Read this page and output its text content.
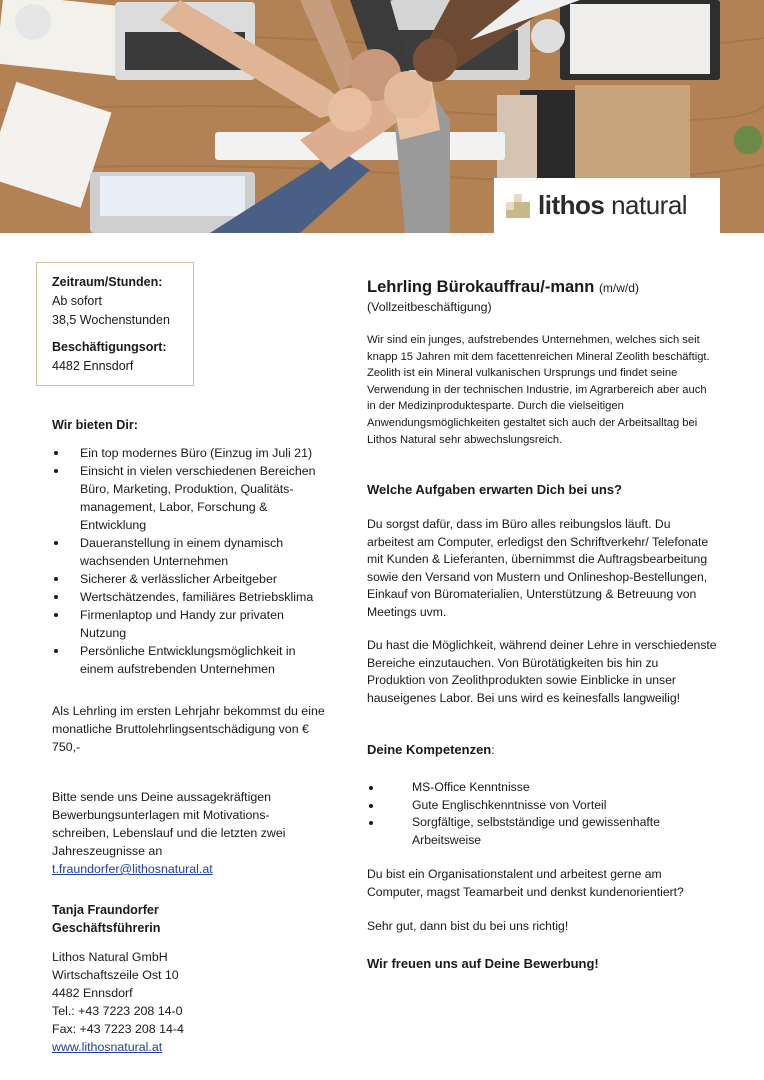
lithos natural
Zeitraum/Stunden:
Ab sofort
38,5 Wochenstunden
Beschäftigungsort:
4482 Ennsdorf
Wir bieten Dir:
Ein top modernes Büro (Einzug im Juli 21)
Einsicht in vielen verschiedenen Bereichen Büro, Marketing, Produktion, Qualitäts-management, Labor, Forschung & Entwicklung
Daueranstellung in einem dynamisch wachsenden Unternehmen
Sicherer & verlässlicher Arbeitgeber
Wertschätzendes, familiäres Betriebsklima
Firmenlaptop und Handy zur privaten Nutzung
Persönliche Entwicklungsmöglichkeit in einem aufstrebenden Unternehmen
Als Lehrling im ersten Lehrjahr bekommst du eine monatliche Bruttolehrlingsentschädigung von € 750,-
Bitte sende uns Deine aussagekräftigen Bewerbungsunterlagen mit Motivations-schreiben, Lebenslauf und die letzten zwei Jahreszeugnisse an
t.fraundorfer@lithosnatural.at
Tanja Fraundorfer
Geschäftsführerin
Lithos Natural GmbH
Wirtschaftszeile Ost 10
4482 Ennsdorf
Tel.: +43 7223 208 14-0
Fax: +43 7223 208 14-4
www.lithosnatural.at
Lehrling Bürokauffrau/-mann (m/w/d)
(Vollzeitbeschäftigung)
Wir sind ein junges, aufstrebendes Unternehmen, welches sich seit knapp 15 Jahren mit dem facettenreichen Mineral Zeolith beschäftigt. Zeolith ist ein Mineral vulkanischen Ursprungs und findet seine Verwendung in der technischen Industrie, im Agrarbereich aber auch in der Medizinproduktesparte. Durch die vielseitigen Anwendungsmöglichkeiten gestaltet sich auch der Arbeitsalltag bei Lithos Natural sehr abwechslungsreich.
Welche Aufgaben erwarten Dich bei uns?
Du sorgst dafür, dass im Büro alles reibungslos läuft. Du arbeitest am Computer, erledigst den Schriftverkehr/ Telefonate mit Kunden & Lieferanten, übernimmst die Auftragsbearbeitung sowie den Versand von Mustern und Onlineshop-Bestellungen, Einkauf von Büromaterialien, Unterstützung & Betreuung von Meetings uvm.
Du hast die Möglichkeit, während deiner Lehre in verschiedenste Bereiche einzutauchen. Von Bürotätigkeiten bis hin zu Produktion von Zeolithprodukten sowie Einblicke in unser hauseigenes Labor. Bei uns wird es keinesfalls langweilig!
Deine Kompetenzen:
MS-Office Kenntnisse
Gute Englischkenntnisse von Vorteil
Sorgfältige, selbstständige und gewissenhafte Arbeitsweise
Du bist ein Organisationstalent und arbeitest gerne am Computer, magst Teamarbeit und denkst kundenorientiert?
Sehr gut, dann bist du bei uns richtig!
Wir freuen uns auf Deine Bewerbung!
